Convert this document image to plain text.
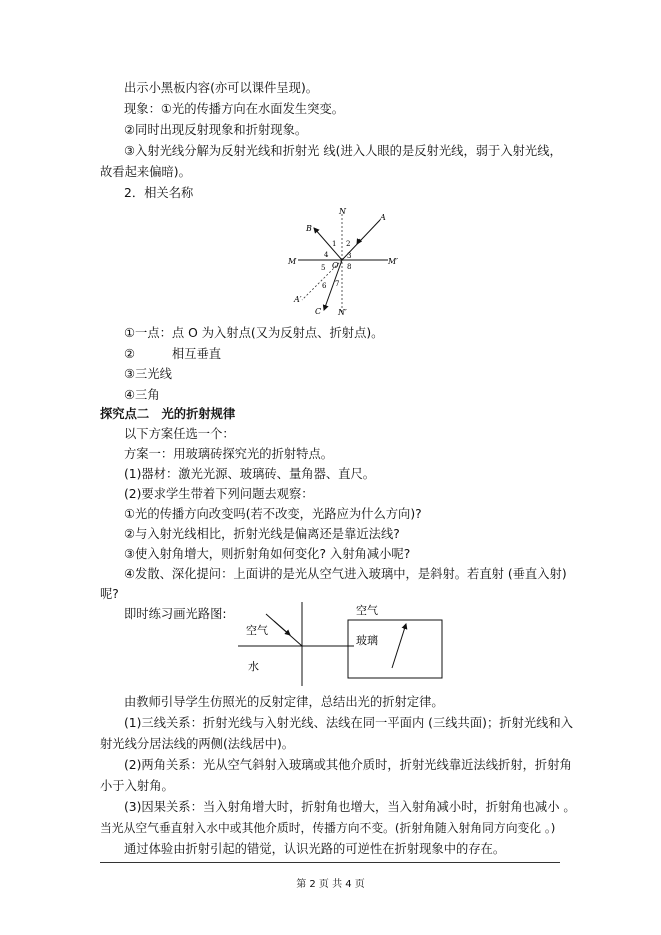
出示小黑板内容(亦可以课件呈现)。
现象：①光的传播方向在水面发生突变。
②同时出现反射现象和折射现象。
③入射光线分解为反射光线和折射光 线(进入人眼的是反射光线，弱于入射光线，
故看起来偏暗)。
2．相关名称
N
A
B
M	M′
O
A′
C N′
1 2
3
4
5
6 7
8
①一点：点 O 为入射点(又为反射点、折射点)。
②　　　相互垂直
③三光线
④三角
探究点二　光的折射规律
以下方案任选一个：
方案一：用玻璃砖探究光的折射特点。
(1)器材：激光光源、玻璃砖、量角器、直尺。
(2)要求学生带着下列问题去观察：
①光的传播方向改变吗(若不改变，光路应为什么方向)?
②与入射光线相比，折射光线是偏离还是靠近法线?
③使入射角增大，则折射角如何变化? 入射角减小呢?
④发散、深化提问：上面讲的是光从空气进入玻璃中，是斜射。若直射 (垂直入射)
呢?
即时练习画光路图:
空气
水
空气
玻璃
由教师引导学生仿照光的反射定律，总结出光的折射定律。
(1)三线关系：折射光线与入射光线、法线在同一平面内 (三线共面)；折射光线和入
射光线分居法线的两侧(法线居中)。
(2)两角关系：光从空气斜射入玻璃或其他介质时，折射光线靠近法线折射，折射角
小于入射角。
(3)因果关系：当入射角增大时，折射角也增大，当入射角减小时，折射角也减小 。
当光从空气垂直射入水中或其他介质时，传播方向不变。(折射角随入射角同方向变化 。)
通过体验由折射引起的错觉，认识光路的可逆性在折射现象中的存在。
第 2 页 共 4 页
